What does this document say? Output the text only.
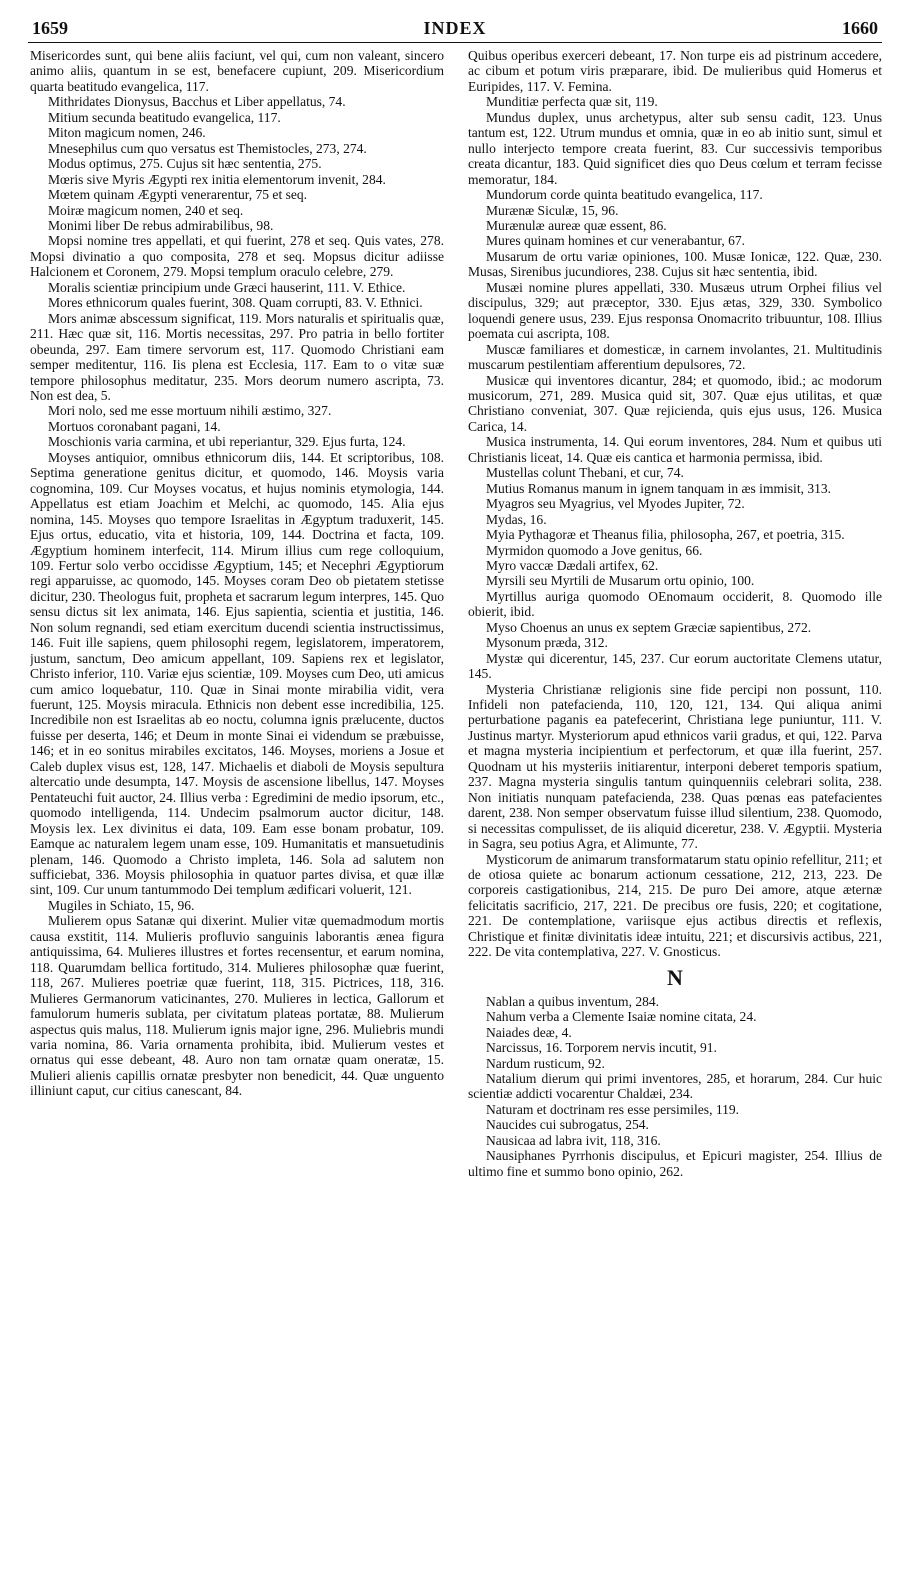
1659	INDEX	1660

Misericordes sunt, qui bene aliis faciunt, vel qui, cum non valeant, sincero animo aliis, quantum in se est, benefacere cupiunt, 209. Misericordium quarta beatitudo evangelica, 117.

Mithridates Dionysus, Bacchus et Liber appellatus, 74.

Mitium secunda beatitudo evangelica, 117.

Miton magicum nomen, 246.

Mnesephilus cum quo versatus est Themistocles, 273, 274.

Modus optimus, 275. Cujus sit hæc sententia, 275.

Mœris sive Myris Ægypti rex initia elementorum invenit, 284.

Mœtem quinam Ægypti venerarentur, 75 et seq.

Moiræ magicum nomen, 240 et seq.

Monimi liber De rebus admirabilibus, 98.

Mopsi nomine tres appellati, et qui fuerint, 278 et seq. Quis vates, 278. Mopsi divinatio a quo composita, 278 et seq. Mopsus dicitur adiisse Halcionem et Coronem, 279. Mopsi templum oraculo celebre, 279.

Moralis scientiæ principium unde Græci hauserint, 111. V. Ethice.

Mores ethnicorum quales fuerint, 308. Quam corrupti, 83. V. Ethnici.

Mors animæ abscessum significat, 119. Mors naturalis et spiritualis quæ, 211. Hæc quæ sit, 116. Mortis necessitas, 297. Pro patria in bello fortiter obeunda, 297. Eam timere servorum est, 117. Quomodo Christiani eam semper meditentur, 116. Iis plena est Ecclesia, 117. Eam to o vitæ suæ tempore philosophus meditatur, 235. Mors deorum numero ascripta, 73. Non est dea, 5.

Mori nolo, sed me esse mortuum nihili æstimo, 327.

Mortuos coronabant pagani, 14.

Moschionis varia carmina, et ubi reperiantur, 329. Ejus furta, 124.

Moyses antiquior, omnibus ethnicorum diis, 144. Et scriptoribus, 108. Septima generatione genitus dicitur, et quomodo, 146. Moysis varia cognomina, 109. Cur Moyses vocatus, et hujus nominis etymologia, 144. Appellatus est etiam Joachim et Melchi, ac quomodo, 145. Alia ejus nomina, 145. Moyses quo tempore Israelitas in Ægyptum traduxerit, 145. Ejus ortus, educatio, vita et historia, 109, 144. Doctrina et facta, 109. Ægyptium hominem interfecit, 114. Mirum illius cum rege colloquium, 109. Fertur solo verbo occidisse Ægyptium, 145; et Necephri Ægyptiorum regi apparuisse, ac quomodo, 145. Moyses coram Deo ob pietatem stetisse dicitur, 230. Theologus fuit, propheta et sacrarum legum interpres, 145. Quo sensu dictus sit lex animata, 146. Ejus sapientia, scientia et justitia, 146. Non solum regnandi, sed etiam exercitum ducendi scientia instructissimus, 146. Fuit ille sapiens, quem philosophi regem, legislatorem, imperatorem, justum, sanctum, Deo amicum appellant, 109. Sapiens rex et legislator, Christo inferior, 110. Variæ ejus scientiæ, 109. Moyses cum Deo, uti amicus cum amico loquebatur, 110. Quæ in Sinai monte mirabilia vidit, vera fuerunt, 125. Moysis miracula. Ethnicis non debent esse incredibilia, 125. Incredibile non est Israelitas ab eo noctu, columna ignis prælucente, ductos fuisse per deserta, 146; et Deum in monte Sinai ei videndum se præbuisse, 146; et in eo sonitus mirabiles excitatos, 146. Moyses, moriens a Josue et Caleb duplex visus est, 128, 147. Michaelis et diaboli de Moysis sepultura altercatio unde desumpta, 147. Moysis de ascensione libellus, 147. Moyses Pentateuchi fuit auctor, 24. Illius verba : Egredimini de medio ipsorum, etc., quomodo intelligenda, 114. Undecim psalmorum auctor dicitur, 148. Moysis lex. Lex divinitus ei data, 109. Eam esse bonam probatur, 109. Eamque ac naturalem legem unam esse, 109. Humanitatis et mansuetudinis plenam, 146. Quomodo a Christo impleta, 146. Sola ad salutem non sufficiebat, 336. Moysis philosophia in quatuor partes divisa, et quæ illæ sint, 109. Cur unum tantummodo Dei templum ædificari voluerit, 121.

Mugiles in Schiato, 15, 96.

Mulierem opus Satanæ qui dixerint. Mulier vitæ quemadmodum mortis causa exstitit, 114. Mulieris profluvio sanguinis laborantis ænea figura antiquissima, 64. Mulieres illustres et fortes recensentur, et earum nomina, 118. Quarumdam bellica fortitudo, 314. Mulieres philosophæ quæ fuerint, 118, 267. Mulieres poetriæ quæ fuerint, 118, 315. Pictrices, 118, 316. Mulieres Germanorum vaticinantes, 270. Mulieres in lectica, Gallorum et famulorum humeris sublata, per civitatum plateas portatæ, 88. Mulierum aspectus quis malus, 118. Mulierum ignis major igne, 296. Muliebris mundi varia nomina, 86. Varia ornamenta prohibita, ibid. Mulierum vestes et ornatus qui esse debeant, 48. Auro non tam ornatæ quam oneratæ, 15. Mulieri alienis capillis ornatæ presbyter non benedicit, 44. Quæ unguento illiniunt caput, cur citius canescant, 84.

Quibus operibus exerceri debeant, 17. Non turpe eis ad pistrinum accedere, ac cibum et potum viris præparare, ibid. De mulieribus quid Homerus et Euripides, 117. V. Femina.

Munditiæ perfecta quæ sit, 119.

Mundus duplex, unus archetypus, alter sub sensu cadit, 123. Unus tantum est, 122. Utrum mundus et omnia, quæ in eo ab initio sunt, simul et nullo interjecto tempore creata fuerint, 83. Cur successivis temporibus creata dicantur, 183. Quid significet dies quo Deus cœlum et terram fecisse memoratur, 184.

Mundorum corde quinta beatitudo evangelica, 117.

Murænæ Siculæ, 15, 96.

Murænulæ aureæ quæ essent, 86.

Mures quinam homines et cur venerabantur, 67.

Musarum de ortu variæ opiniones, 100. Musæ Ionicæ, 122. Quæ, 230. Musas, Sirenibus jucundiores, 238. Cujus sit hæc sententia, ibid.

Musæi nomine plures appellati, 330. Musæus utrum Orphei filius vel discipulus, 329; aut præceptor, 330. Ejus ætas, 329, 330. Symbolico loquendi genere usus, 239. Ejus responsa Onomacrito tribuuntur, 108. Illius poemata cui ascripta, 108.

Muscæ familiares et domesticæ, in carnem involantes, 21. Multitudinis muscarum pestilentiam afferentium depulsores, 72.

Musicæ qui inventores dicantur, 284; et quomodo, ibid.; ac modorum musicorum, 271, 289. Musica quid sit, 307. Quæ ejus utilitas, et quæ Christiano conveniat, 307. Quæ rejicienda, quis ejus usus, 126. Musica Carica, 14.

Musica instrumenta, 14. Qui eorum inventores, 284. Num et quibus uti Christianis liceat, 14. Quæ eis cantica et harmonia permissa, ibid.

Mustellas colunt Thebani, et cur, 74.

Mutius Romanus manum in ignem tanquam in æs immisit, 313.

Myagros seu Myagrius, vel Myodes Jupiter, 72.

Mydas, 16.

Myia Pythagoræ et Theanus filia, philosopha, 267, et poetria, 315.

Myrmidon quomodo a Jove genitus, 66.

Myro vaccæ Dædali artifex, 62.

Myrsili seu Myrtili de Musarum ortu opinio, 100.

Myrtillus auriga quomodo OEnomaum occiderit, 8. Quomodo ille obierit, ibid.

Myso Choenus an unus ex septem Græciæ sapientibus, 272.

Mysonum præda, 312.

Mystæ qui dicerentur, 145, 237. Cur eorum auctoritate Clemens utatur, 145.

Mysteria Christianæ religionis sine fide percipi non possunt, 110. Infideli non patefacienda, 110, 120, 121, 134. Qui aliqua animi perturbatione paganis ea patefecerint, Christiana lege puniuntur, 111. V. Justinus martyr. Mysteriorum apud ethnicos varii gradus, et qui, 122. Parva et magna mysteria incipientium et perfectorum, et quæ illa fuerint, 257. Quodnam ut his mysteriis initiarentur, interponi deberet temporis spatium, 237. Magna mysteria singulis tantum quinquenniis celebrari solita, 238. Non initiatis nunquam patefacienda, 238. Quas pœnas eas patefacientes darent, 238. Non semper observatum fuisse illud silentium, 238. Quomodo, si necessitas compulisset, de iis aliquid diceretur, 238. V. Ægyptii. Mysteria in Sagra, seu potius Agra, et Alimunte, 77.

Mysticorum de animarum transformatarum statu opinio refellitur, 211; et de otiosa quiete ac bonarum actionum cessatione, 212, 213, 223. De corporeis castigationibus, 214, 215. De puro Dei amore, atque æternæ felicitatis sacrificio, 217, 221. De precibus ore fusis, 220; et cogitatione, 221. De contemplatione, variisque ejus actibus directis et reflexis, Christique et finitæ divinitatis ideæ intuitu, 221; et discursivis actibus, 221, 222. De vita contemplativa, 227. V. Gnosticus.

N

Nablan a quibus inventum, 284.

Nahum verba a Clemente Isaiæ nomine citata, 24.

Naiades deæ, 4.

Narcissus, 16. Torporem nervis incutit, 91.

Nardum rusticum, 92.

Natalium dierum qui primi inventores, 285, et horarum, 284. Cur huic scientiæ addicti vocarentur Chaldæi, 234.

Naturam et doctrinam res esse persimiles, 119.

Naucides cui subrogatus, 254.

Nausicaa ad labra ivit, 118, 316.

Nausiphanes Pyrrhonis discipulus, et Epicuri magister, 254. Illius de ultimo fine et summo bono opinio, 262.
